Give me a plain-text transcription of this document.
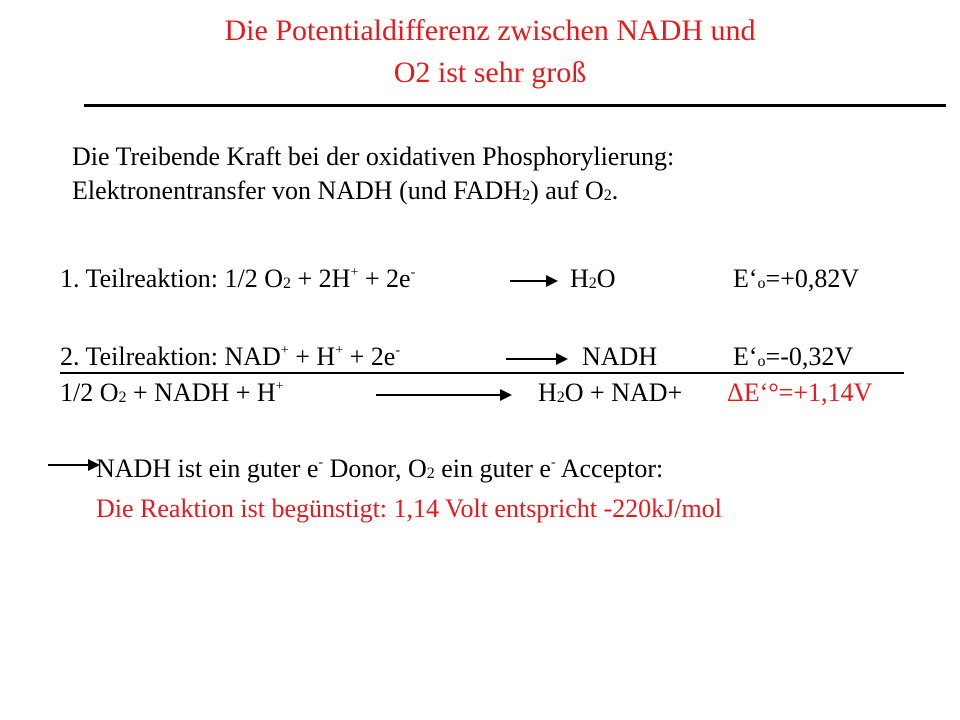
Die Potentialdifferenz zwischen NADH und
O2 ist sehr groß
Die Treibende Kraft bei der oxidativen Phosphorylierung:
Elektronentransfer von NADH (und $FADH_2$) auf $O_2$.
1. Teilreaktion: 1/2 $O_2 + 2H^+ + 2e^-$	$H_2O$	$E‘_o=+0,82V$
2. Teilreaktion: NAD+ + H+ + 2e-	NADH	$E‘_o=-0,32V$
1/2 $O_2$ + NADH + H+	$H_2O + NAD+$ ΔE‘°=+1,14V
NADH ist ein guter e- Donor, $O_2$ ein guter e- Acceptor:
Die Reaktion ist begünstigt: 1,14 Volt entspricht -220kJ/mol
